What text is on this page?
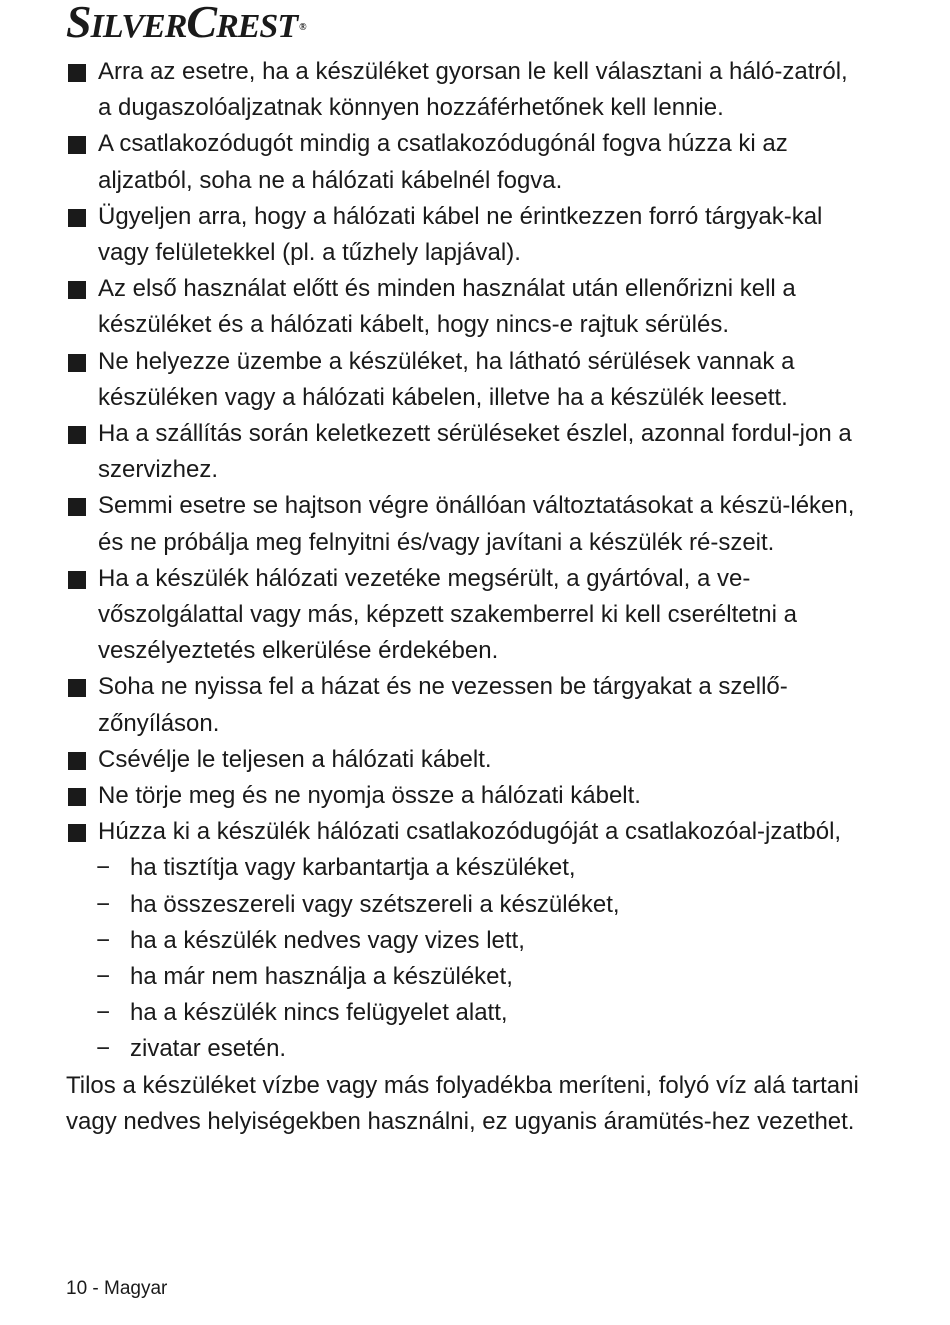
SILVERCREST ®
Arra az esetre, ha a készüléket gyorsan le kell választani a háló-zatról, a dugaszolóaljzatnak könnyen hozzáférhetőnek kell lennie.
A csatlakozódugót mindig a csatlakozódugónál fogva húzza ki az aljzatból, soha ne a hálózati kábelnél fogva.
Ügyeljen arra, hogy a hálózati kábel ne érintkezzen forró tárgyak-kal vagy felületekkel (pl. a tűzhely lapjával).
Az első használat előtt és minden használat után ellenőrizni kell a készüléket és a hálózati kábelt, hogy nincs-e rajtuk sérülés.
Ne helyezze üzembe a készüléket, ha látható sérülések vannak a készüléken vagy a hálózati kábelen, illetve ha a készülék leesett.
Ha a szállítás során keletkezett sérüléseket észlel, azonnal fordul-jon a szervizhez.
Semmi esetre se hajtson végre önállóan változtatásokat a készü-léken, és ne próbálja meg felnyitni és/vagy javítani a készülék ré-szeit.
Ha a készülék hálózati vezetéke megsérült, a gyártóval, a ve-vőszolgálattal vagy más, képzett szakemberrel ki kell cseréltetni a veszélyeztetés elkerülése érdekében.
Soha ne nyissa fel a házat és ne vezessen be tárgyakat a szellő-zőnyíláson.
Csévélje le teljesen a hálózati kábelt.
Ne törje meg és ne nyomja össze a hálózati kábelt.
Húzza ki a készülék hálózati csatlakozódugóját a csatlakozóal-jzatból,
− ha tisztítja vagy karbantartja a készüléket,
− ha összeszereli vagy szétszereli a készüléket,
− ha a készülék nedves vagy vizes lett,
− ha már nem használja a készüléket,
− ha a készülék nincs felügyelet alatt,
− zivatar esetén.

Tilos a készüléket vízbe vagy más folyadékba meríteni, folyó víz alá tartani vagy nedves helyiségekben használni, ez ugyanis áramütés-hez vezethet.

10 - Magyar
